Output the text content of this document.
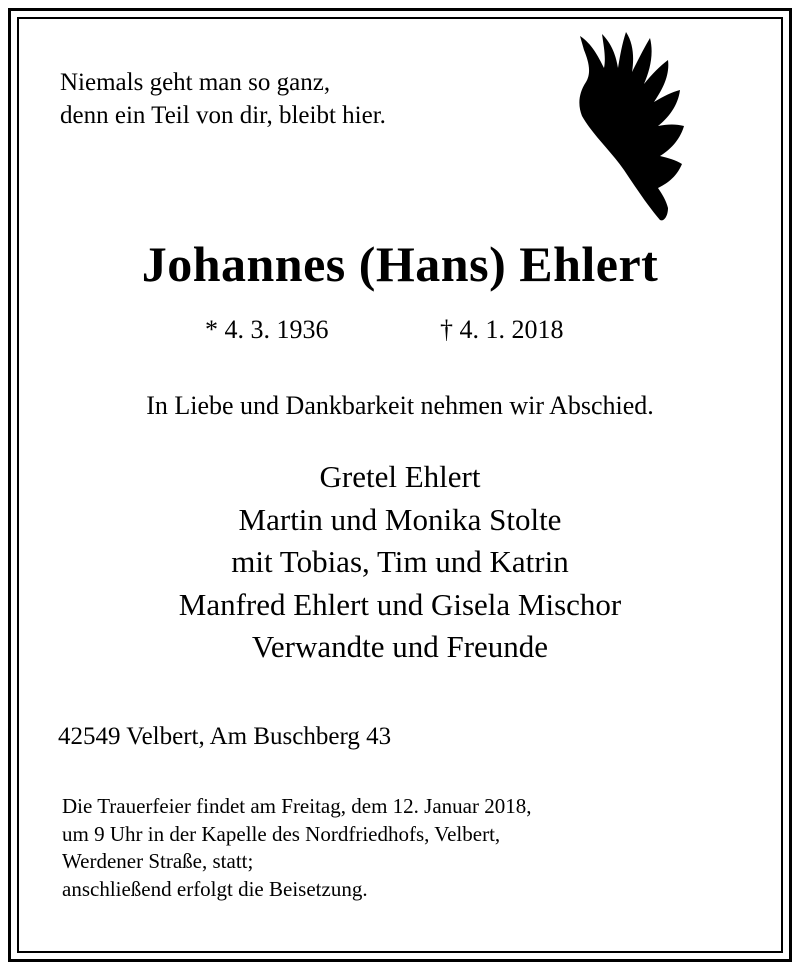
Niemals geht man so ganz,
denn ein Teil von dir, bleibt hier.
Johannes (Hans) Ehlert
* 4. 3. 1936	† 4. 1. 2018
In Liebe und Dankbarkeit nehmen wir Abschied.
Gretel Ehlert
Martin und Monika Stolte
mit Tobias, Tim und Katrin
Manfred Ehlert und Gisela Mischor
Verwandte und Freunde
42549 Velbert, Am Buschberg 43
Die Trauerfeier findet am Freitag, dem 12. Januar 2018,
um 9 Uhr in der Kapelle des Nordfriedhofs, Velbert,
Werdener Straße, statt;
anschließend erfolgt die Beisetzung.
